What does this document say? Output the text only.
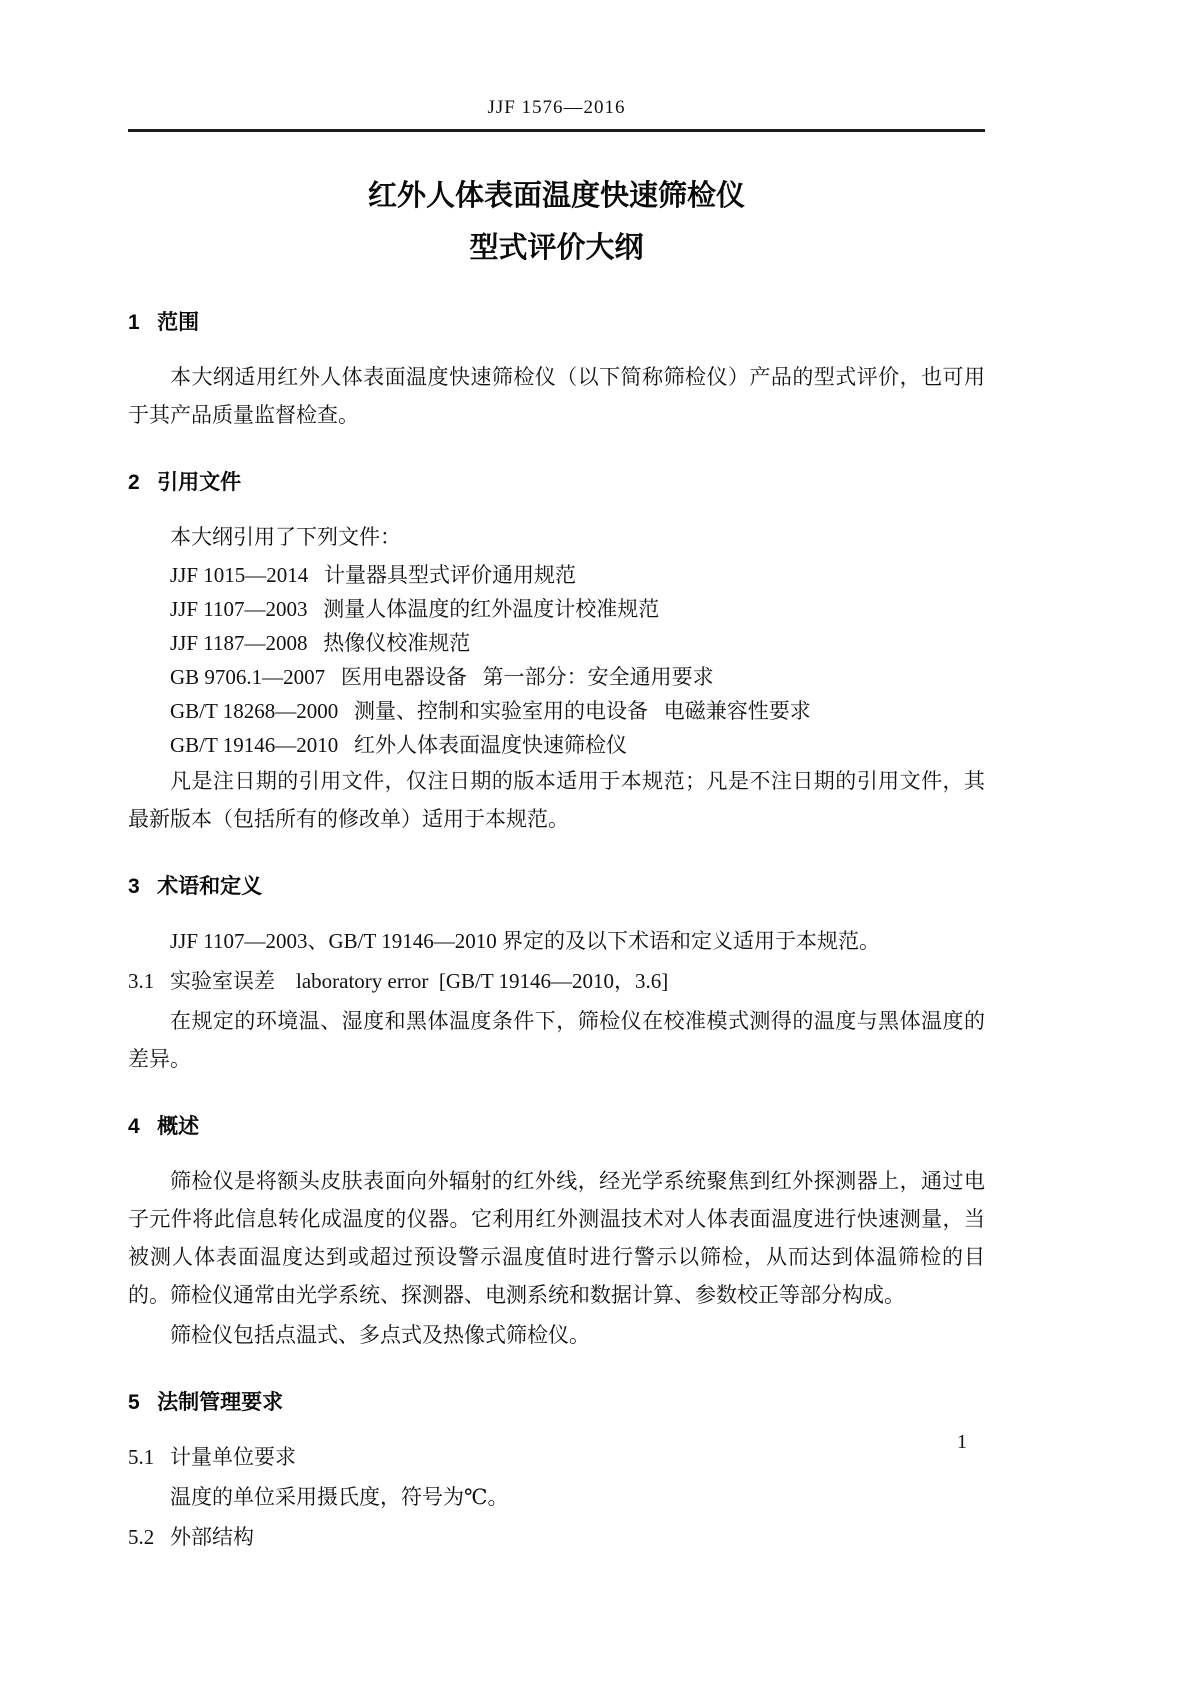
JJF 1576—2016
红外人体表面温度快速筛检仪
型式评价大纲
1   范围

本大纲适用红外人体表面温度快速筛检仪（以下简称筛检仪）产品的型式评价，也可用于其产品质量监督检查。

2   引用文件

本大纲引用了下列文件：

JJF 1015—2014   计量器具型式评价通用规范

JJF 1107—2003   测量人体温度的红外温度计校准规范

JJF 1187—2008   热像仪校准规范

GB 9706.1—2007   医用电器设备   第一部分：安全通用要求

GB/T 18268—2000   测量、控制和实验室用的电设备   电磁兼容性要求

GB/T 19146—2010   红外人体表面温度快速筛检仪

凡是注日期的引用文件，仅注日期的版本适用于本规范；凡是不注日期的引用文件，其最新版本（包括所有的修改单）适用于本规范。

3   术语和定义

JJF 1107—2003、GB/T 19146—2010 界定的及以下术语和定义适用于本规范。

3.1   实验室误差    laboratory error  [GB/T 19146—2010，3.6]

在规定的环境温、湿度和黑体温度条件下，筛检仪在校准模式测得的温度与黑体温度的差异。

4   概述

筛检仪是将额头皮肤表面向外辐射的红外线，经光学系统聚焦到红外探测器上，通过电子元件将此信息转化成温度的仪器。它利用红外测温技术对人体表面温度进行快速测量，当被测人体表面温度达到或超过预设警示温度值时进行警示以筛检，从而达到体温筛检的目的。筛检仪通常由光学系统、探测器、电测系统和数据计算、参数校正等部分构成。

筛检仪包括点温式、多点式及热像式筛检仪。

5   法制管理要求

5.1   计量单位要求

温度的单位采用摄氏度，符号为℃。

5.2   外部结构

1
